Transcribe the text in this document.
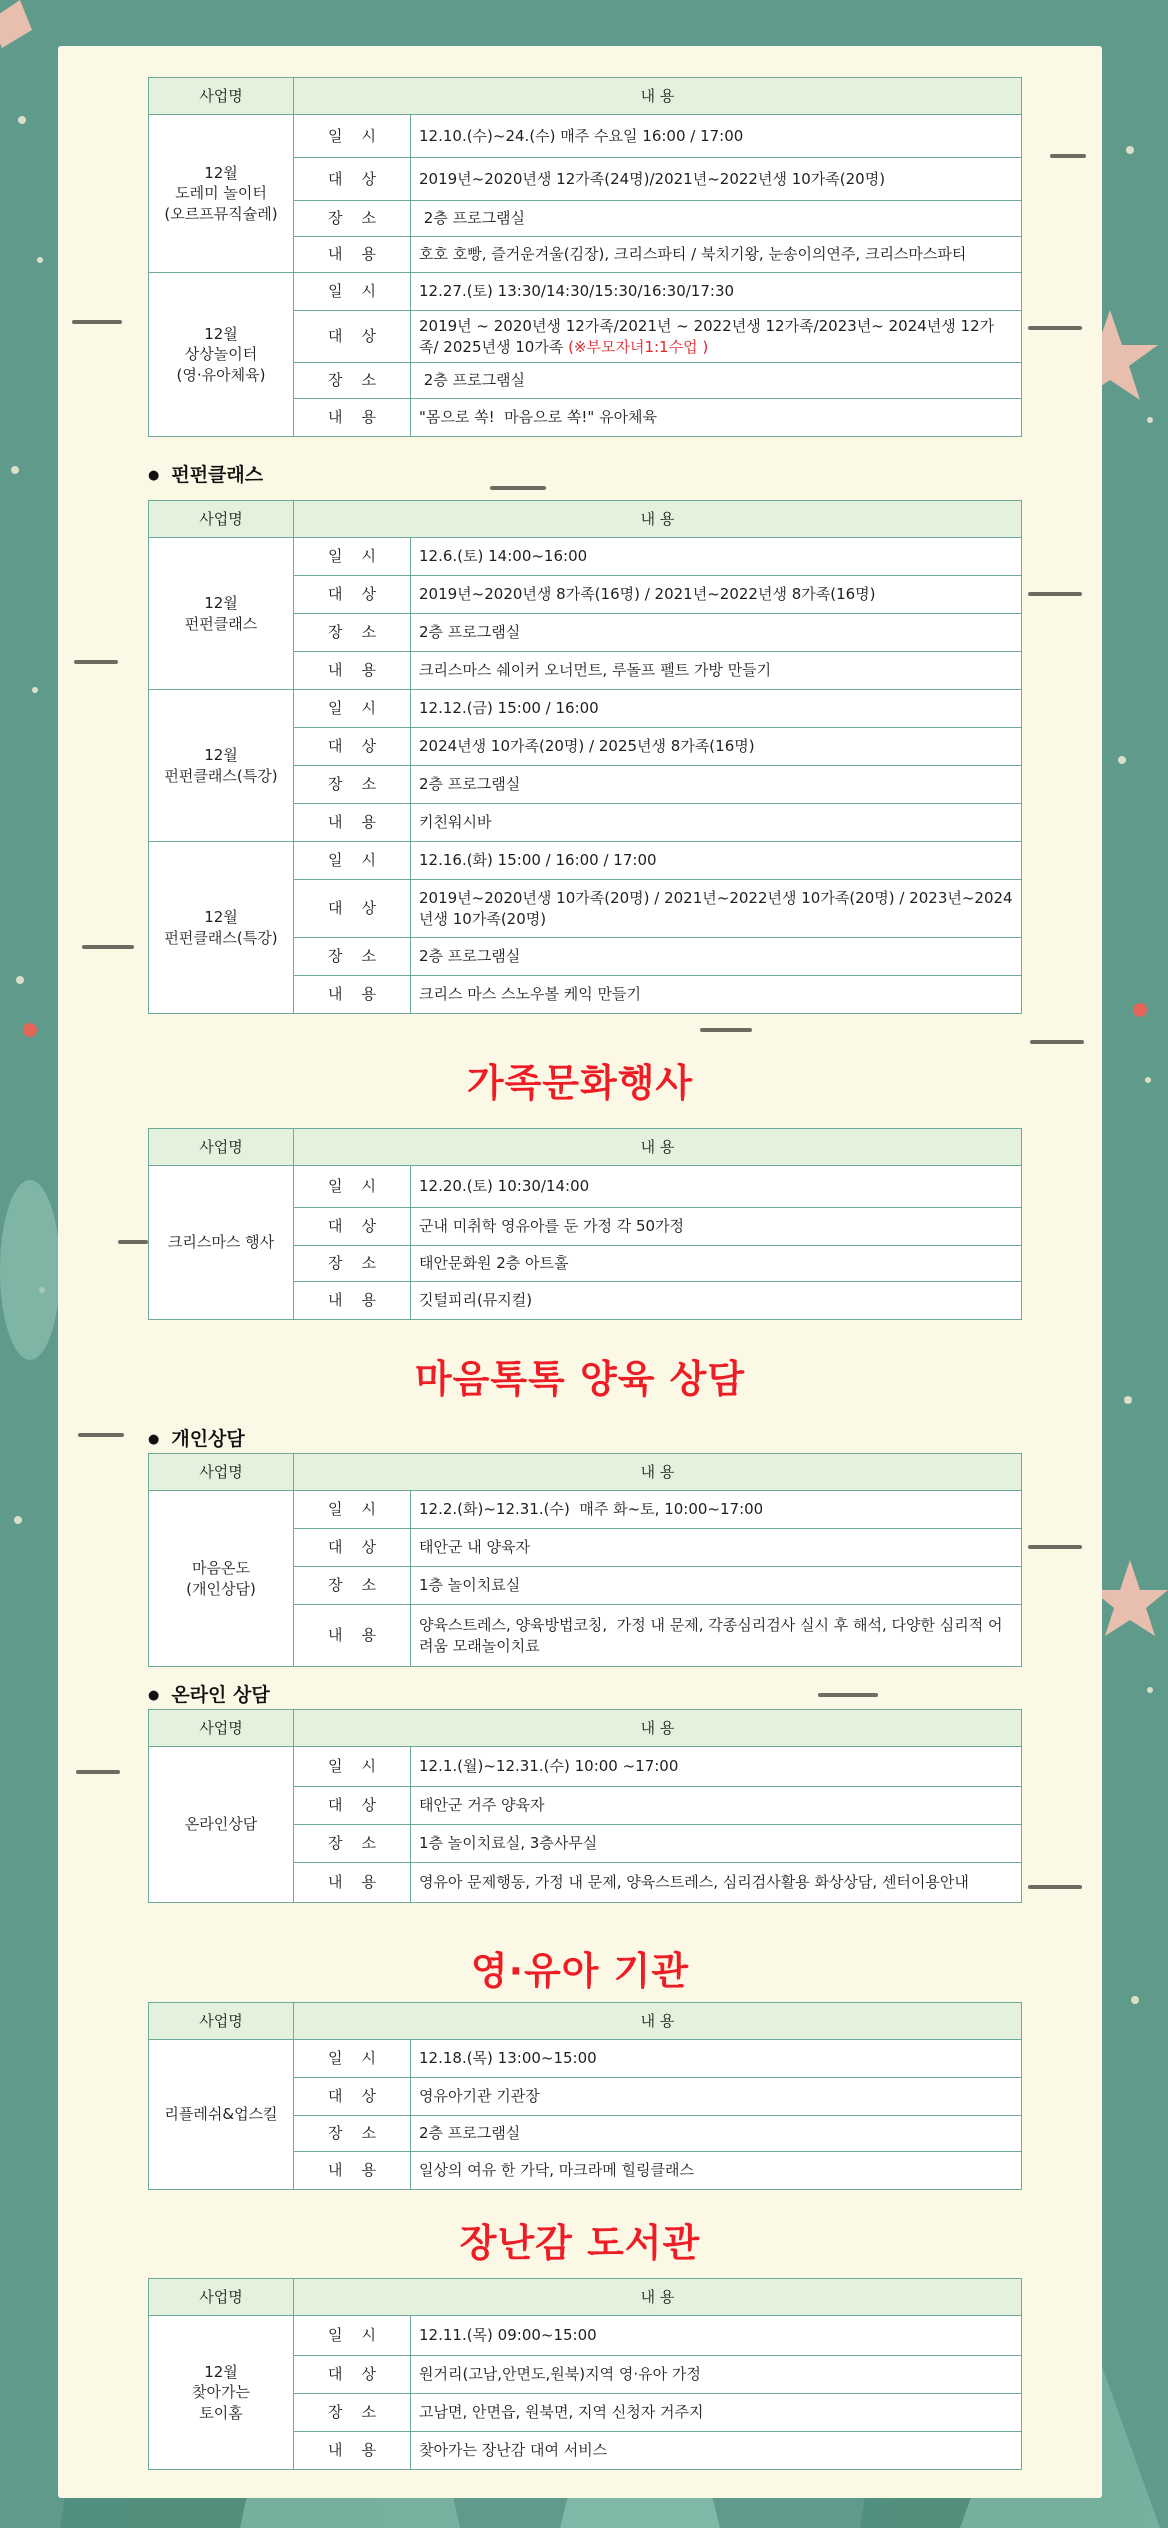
사업명	내 용	
12월
도레미 놀이터
(오르프뮤직슐레)	일    시	12.10.(수)~24.(수) 매주 수요일 16:00 / 17:00
	대    상	2019년~2020년생 12가족(24명)/2021년~2022년생 10가족(20명)
	장    소	2층 프로그램실
	내    용	호호 호빵, 즐거운겨울(김장), 크리스파티 / 북치기왕, 눈송이의연주, 크리스마스파티
12월
상상놀이터
(영·유아체육)	일    시	12.27.(토) 13:30/14:30/15:30/16:30/17:30
	대    상	2019년 ~ 2020년생 12가족/2021년 ~ 2022년생 12가족/2023년~ 2024년생 12가족/ 2025년생 10가족 (※부모자녀1:1수업 )
	장    소	2층 프로그램실
	내    용	"몸으로 쏙!  마음으로 쏙!" 유아체육
● 펀펀클래스
사업명	내 용	
12월
펀펀클래스	일    시	12.6.(토) 14:00~16:00
	대    상	2019년~2020년생 8가족(16명) / 2021년~2022년생 8가족(16명)
	장    소	2층 프로그램실
	내    용	크리스마스 쉐이커 오너먼트, 루돌프 펠트 가방 만들기
12월
펀펀클래스(특강)	일    시	12.12.(금) 15:00 / 16:00
	대    상	2024년생 10가족(20명) / 2025년생 8가족(16명)
	장    소	2층 프로그램실
	내    용	키친워시바
12월
펀펀클래스(특강)	일    시	12.16.(화) 15:00 / 16:00 / 17:00
	대    상	2019년~2020년생 10가족(20명) / 2021년~2022년생 10가족(20명) / 2023년~2024년생 10가족(20명)
	장    소	2층 프로그램실
	내    용	크리스 마스 스노우볼 케익 만들기
가족문화행사
사업명	내 용	
크리스마스 행사	일    시	12.20.(토) 10:30/14:00
	대    상	군내 미취학 영유아를 둔 가정 각 50가정
	장    소	태안문화원 2층 아트홀
	내    용	깃털피리(뮤지컬)
마음톡톡 양육 상담
● 개인상담
사업명	내 용	
마음온도
(개인상담)	일    시	12.2.(화)~12.31.(수)  매주 화~토, 10:00~17:00
	대    상	태안군 내 양육자
	장    소	1층 놀이치료실
	내    용	양육스트레스, 양육방법코칭,  가정 내 문제, 각종심리검사 실시 후 해석, 다양한 심리적 어려움 모래놀이치료
● 온라인 상담
사업명	내 용	
온라인상담	일    시	12.1.(월)~12.31.(수) 10:00 ~17:00
	대    상	태안군 거주 양육자
	장    소	1층 놀이치료실, 3층사무실
	내    용	영유아 문제행동, 가정 내 문제, 양육스트레스, 심리검사활용 화상상담, 센터이용안내
영·유아 기관
사업명	내 용	
리플레쉬&업스킬	일    시	12.18.(목) 13:00~15:00
	대    상	영유아기관 기관장
	장    소	2층 프로그램실
	내    용	일상의 여유 한 가닥, 마크라메 힐링클래스
장난감 도서관
사업명	내 용	
12월
찾아가는
토이홈	일    시	12.11.(목) 09:00~15:00
	대    상	원거리(고남,안면도,원북)지역 영·유아 가정
	장    소	고남면, 안면읍, 원북면, 지역 신청자 거주지
	내    용	찾아가는 장난감 대여 서비스
